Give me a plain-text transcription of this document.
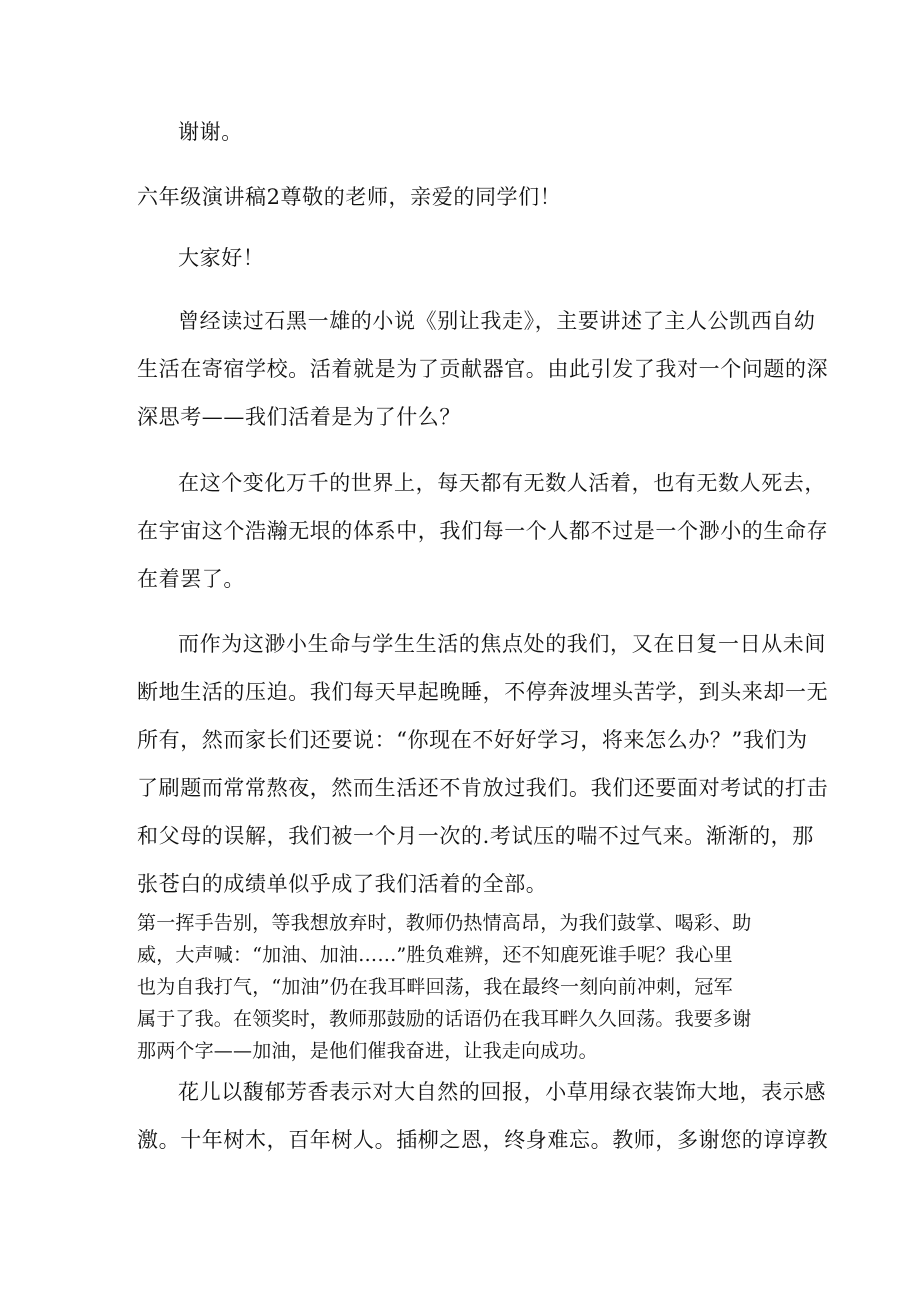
谢谢。
六年级演讲稿2尊敬的老师，亲爱的同学们！
大家好！
曾经读过石黑一雄的小说《别让我走》，主要讲述了主人公凯西自幼
生活在寄宿学校。活着就是为了贡献器官。由此引发了我对一个问题的深
深思考——我们活着是为了什么？
在这个变化万千的世界上，每天都有无数人活着，也有无数人死去，
在宇宙这个浩瀚无垠的体系中，我们每一个人都不过是一个渺小的生命存
在着罢了。
而作为这渺小生命与学生生活的焦点处的我们，又在日复一日从未间
断地生活的压迫。我们每天早起晚睡，不停奔波埋头苦学，到头来却一无
所有，然而家长们还要说：“你现在不好好学习，将来怎么办？”我们为
了刷题而常常熬夜，然而生活还不肯放过我们。我们还要面对考试的打击
和父母的误解，我们被一个月一次的.考试压的喘不过气来。渐渐的，那
张苍白的成绩单似乎成了我们活着的全部。
第一挥手告别，等我想放弃时，教师仍热情高昂，为我们鼓掌、喝彩、助
威，大声喊：“加油、加油……”胜负难辨，还不知鹿死谁手呢？我心里
也为自我打气，“加油”仍在我耳畔回荡，我在最终一刻向前冲刺，冠军
属于了我。在领奖时，教师那鼓励的话语仍在我耳畔久久回荡。我要多谢
那两个字——加油，是他们催我奋进，让我走向成功。
花儿以馥郁芳香表示对大自然的回报，小草用绿衣装饰大地，表示感
激。十年树木，百年树人。插柳之恩，终身难忘。教师，多谢您的谆谆教
